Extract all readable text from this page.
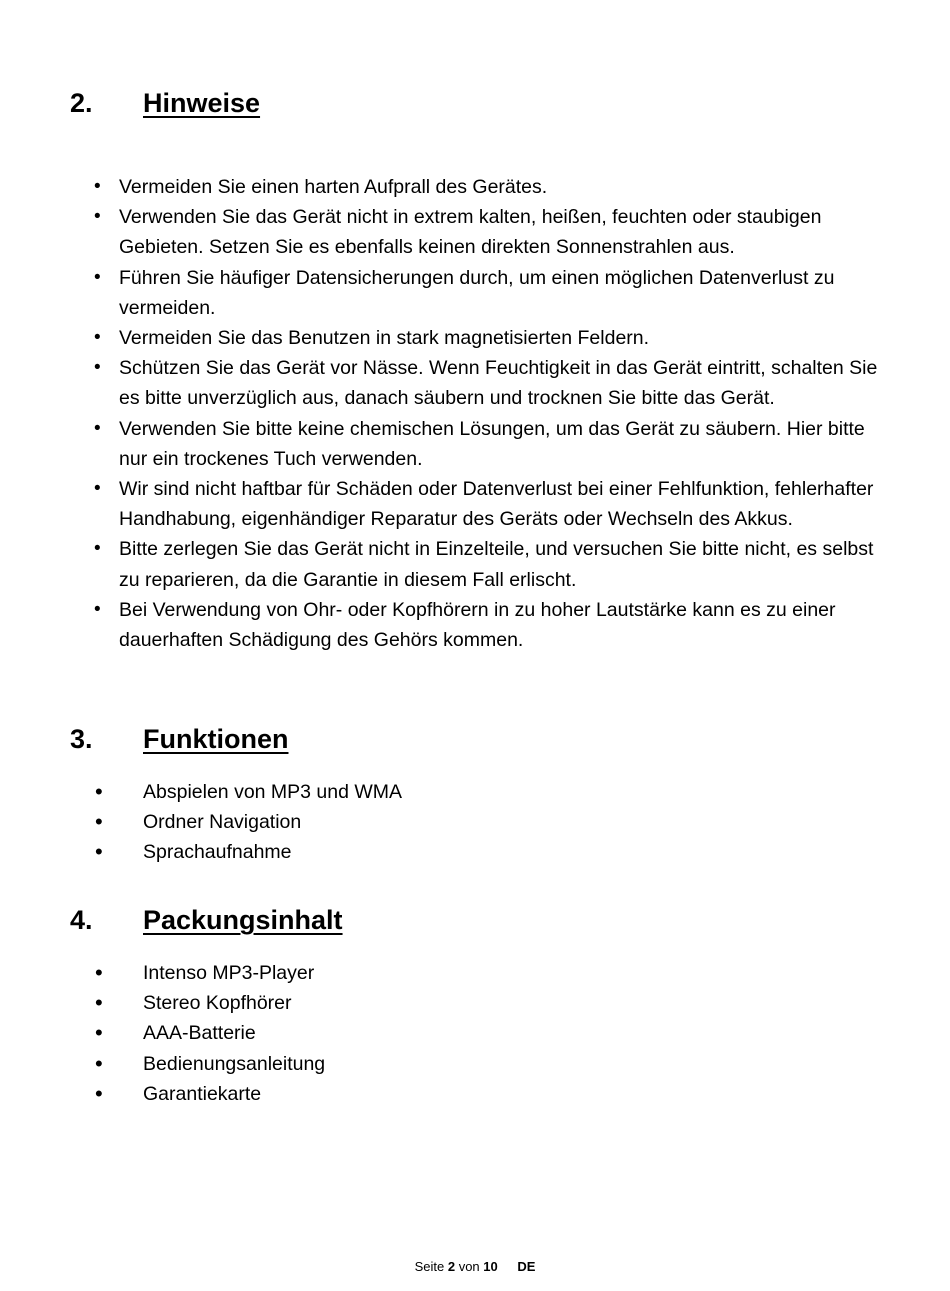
2. Hinweise
• Vermeiden Sie einen harten Aufprall des Gerätes.
• Verwenden Sie das Gerät nicht in extrem kalten, heißen, feuchten oder staubigen Gebieten. Setzen Sie es ebenfalls keinen direkten Sonnenstrahlen aus.
• Führen Sie häufiger Datensicherungen durch, um einen möglichen Datenverlust zu vermeiden.
• Vermeiden Sie das Benutzen in stark magnetisierten Feldern.
• Schützen Sie das Gerät vor Nässe. Wenn Feuchtigkeit in das Gerät eintritt, schalten Sie es bitte unverzüglich aus, danach säubern und trocknen Sie bitte das Gerät.
• Verwenden Sie bitte keine chemischen Lösungen, um das Gerät zu säubern. Hier bitte nur ein trockenes Tuch verwenden.
• Wir sind nicht haftbar für Schäden oder Datenverlust bei einer Fehlfunktion, fehlerhafter Handhabung, eigenhändiger Reparatur des Geräts oder Wechseln des Akkus.
• Bitte zerlegen Sie das Gerät nicht in Einzelteile, und versuchen Sie bitte nicht, es selbst zu reparieren, da die Garantie in diesem Fall erlischt.
• Bei Verwendung von Ohr- oder Kopfhörern in zu hoher Lautstärke kann es zu einer dauerhaften Schädigung des Gehörs kommen.
3. Funktionen
• Abspielen von MP3 und WMA
• Ordner Navigation
• Sprachaufnahme
4. Packungsinhalt
• Intenso MP3-Player
• Stereo Kopfhörer
• AAA-Batterie
• Bedienungsanleitung
• Garantiekarte
Seite 2 von 10 DE
